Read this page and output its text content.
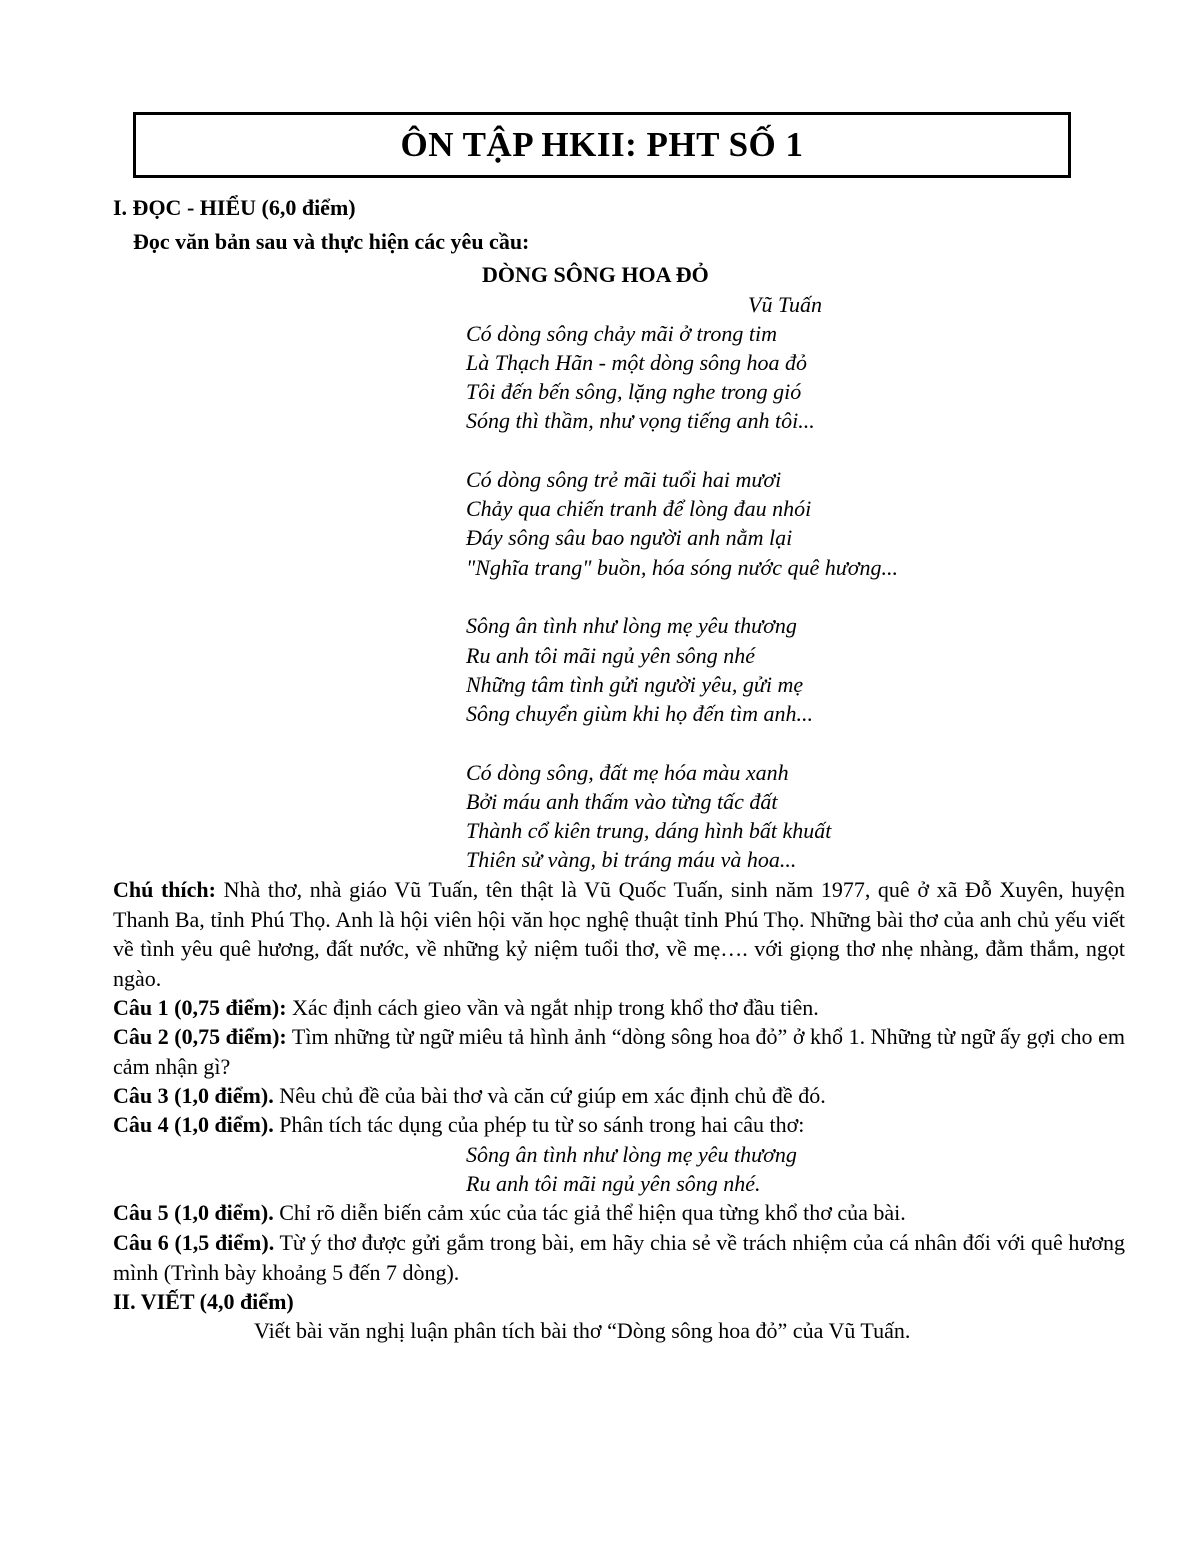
ÔN TẬP HKII: PHT SỐ 1
I. ĐỌC - HIỂU (6,0 điểm)
Đọc văn bản sau và thực hiện các yêu cầu:
DÒNG SÔNG HOA ĐỎ
Vũ Tuấn
Có dòng sông chảy mãi ở trong tim
Là Thạch Hãn - một dòng sông hoa đỏ
Tôi đến bến sông, lặng nghe trong gió
Sóng thì thầm, như vọng tiếng anh tôi...
Có dòng sông trẻ mãi tuổi hai mươi
Chảy qua chiến tranh để lòng đau nhói
Đáy sông sâu bao người anh nằm lại
"Nghĩa trang" buồn, hóa sóng nước quê hương...
Sông ân tình như lòng mẹ yêu thương
Ru anh tôi mãi ngủ yên sông nhé
Những tâm tình gửi người yêu, gửi mẹ
Sông chuyển giùm khi họ đến tìm anh...
Có dòng sông, đất mẹ hóa màu xanh
Bởi máu anh thấm vào từng tấc đất
Thành cổ kiên trung, dáng hình bất khuất
Thiên sử vàng, bi tráng máu và hoa...
Chú thích: Nhà thơ, nhà giáo Vũ Tuấn, tên thật là Vũ Quốc Tuấn, sinh năm 1977, quê ở xã Đỗ Xuyên, huyện Thanh Ba, tỉnh Phú Thọ. Anh là hội viên hội văn học nghệ thuật tỉnh Phú Thọ. Những bài thơ của anh chủ yếu viết về tình yêu quê hương, đất nước, về những kỷ niệm tuổi thơ, về mẹ…. với giọng thơ nhẹ nhàng, đằm thắm, ngọt ngào.
Câu 1 (0,75 điểm): Xác định cách gieo vần và ngắt nhịp trong khổ thơ đầu tiên.
Câu 2 (0,75 điểm): Tìm những từ ngữ miêu tả hình ảnh “dòng sông hoa đỏ” ở khổ 1. Những từ ngữ ấy gợi cho em cảm nhận gì?
Câu 3 (1,0 điểm). Nêu chủ đề của bài thơ và căn cứ giúp em xác định chủ đề đó.
Câu 4 (1,0 điểm). Phân tích tác dụng của phép tu từ so sánh trong hai câu thơ:
Sông ân tình như lòng mẹ yêu thương
Ru anh tôi mãi ngủ yên sông nhé.
Câu 5 (1,0 điểm). Chỉ rõ diễn biến cảm xúc của tác giả thể hiện qua từng khổ thơ của bài.
Câu 6 (1,5 điểm). Từ ý thơ được gửi gắm trong bài, em hãy chia sẻ về trách nhiệm của cá nhân đối với quê hương mình (Trình bày khoảng 5 đến 7 dòng).
II. VIẾT (4,0 điểm)
Viết bài văn nghị luận phân tích bài thơ “Dòng sông hoa đỏ” của Vũ Tuấn.
